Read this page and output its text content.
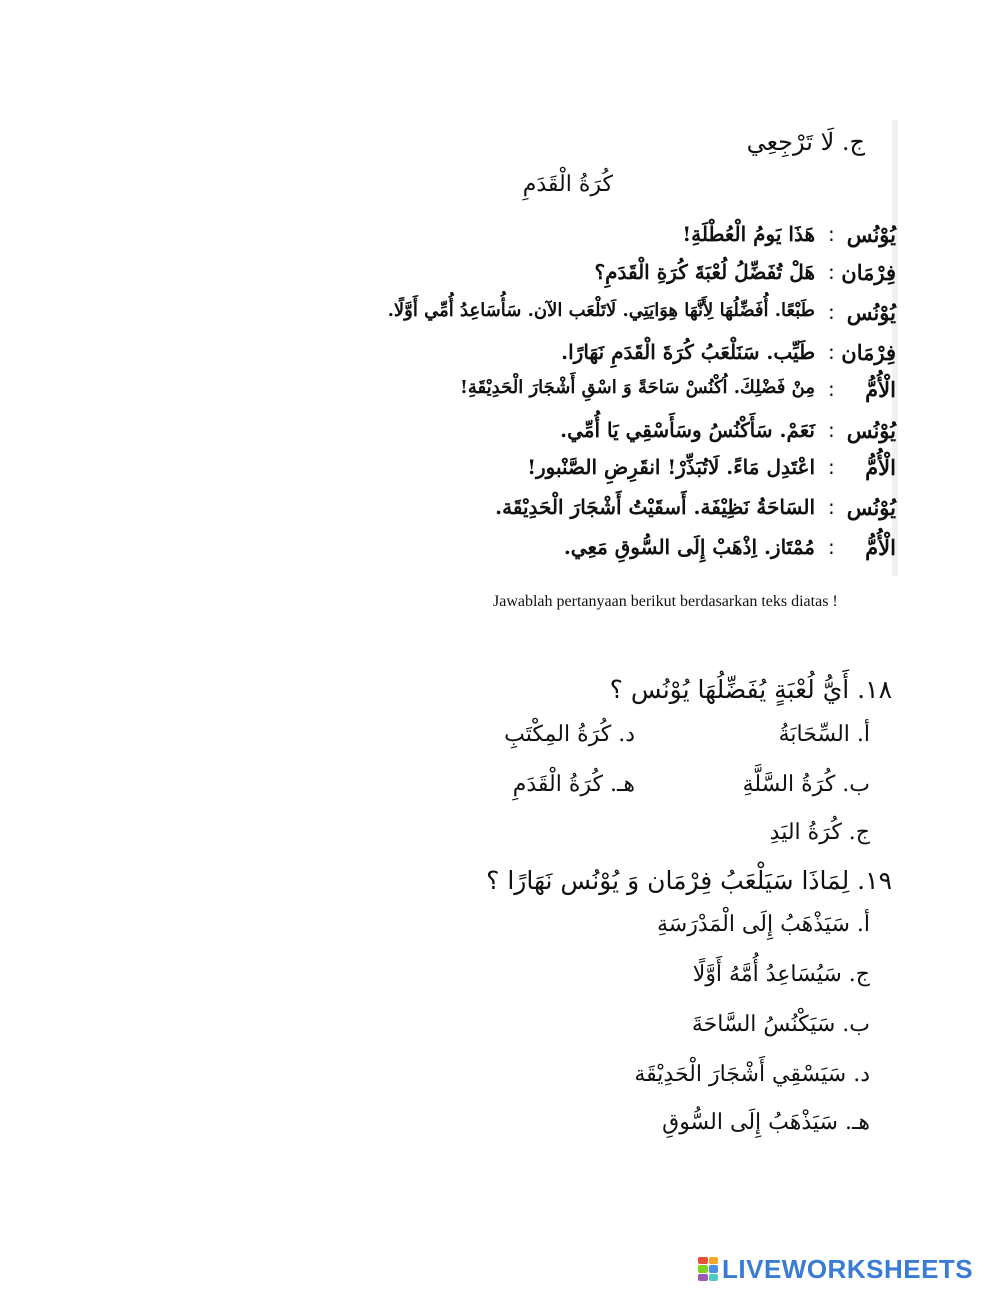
ج. لَا تَرْجِعِي
كُرَةُ الْقَدَمِ
يُوْنُس
:
هَذَا يَومُ الْعُطْلَةِ!
فِرْمَان
:
هَلْ تُفَضِّلُ لُعْبَةَ كُرَةِ الْقَدَمِ؟
يُوْنُس
:
طَبْعًا. أُفَضِّلُهَا لِأَنَّهَا هِوَايَتِي. لَاتَلْعَب الآن. سَأُسَاعِدُ أُمِّي أَوَّلًا.
فِرْمَان
:
طَيِّب. سَنَلْعَبُ كُرَةَ الْقَدَمِ نَهَارًا.
الْأُمُّ
:
مِنْ فَضْلِكَ. اُكْنُسْ سَاحَةً وَ اسْقِ أَشْجَارَ الْحَدِيْقَةِ!
يُوْنُس
:
نَعَمْ. سَأَكْنُسُ وسَأَسْقِي يَا أُمِّي.
الْأُمُّ
:
اعْتَدِل مَاءً. لَاتُبَذِّرْ! انقَرِضِ الصَّنْبور!
يُوْنُس
:
السَاحَةُ نَظِيْفَة. أَسقَيْتُ أَشْجَارَ الْحَدِيْقَة.
الْأُمُّ
:
مُمْتَاز. اِذْهَبْ إِلَى السُّوقِ مَعِي.
Jawablah pertanyaan berikut berdasarkan teks diatas !
١٨. أَيُّ لُعْبَةٍ يُفَضِّلُهَا يُوْنُس ؟
أ. السِّحَابَةُ
ب. كُرَةُ السَّلَّةِ
ج. كُرَةُ اليَدِ
د. كُرَةُ المِكْتَبِ
هـ. كُرَةُ الْقَدَمِ
١٩. لِمَاذَا سَيَلْعَبُ فِرْمَان وَ يُوْنُس نَهَارًا ؟
أ. سَيَذْهَبُ إِلَى الْمَدْرَسَةِ
ج. سَيُسَاعِدُ أُمَّهُ أَوَّلًا
ب. سَيَكْنُسُ السَّاحَةَ
د. سَيَسْقِي أَشْجَارَ الْحَدِيْقَة
هـ. سَيَذْهَبُ إِلَى السُّوقِ
LIVEWORKSHEETS
